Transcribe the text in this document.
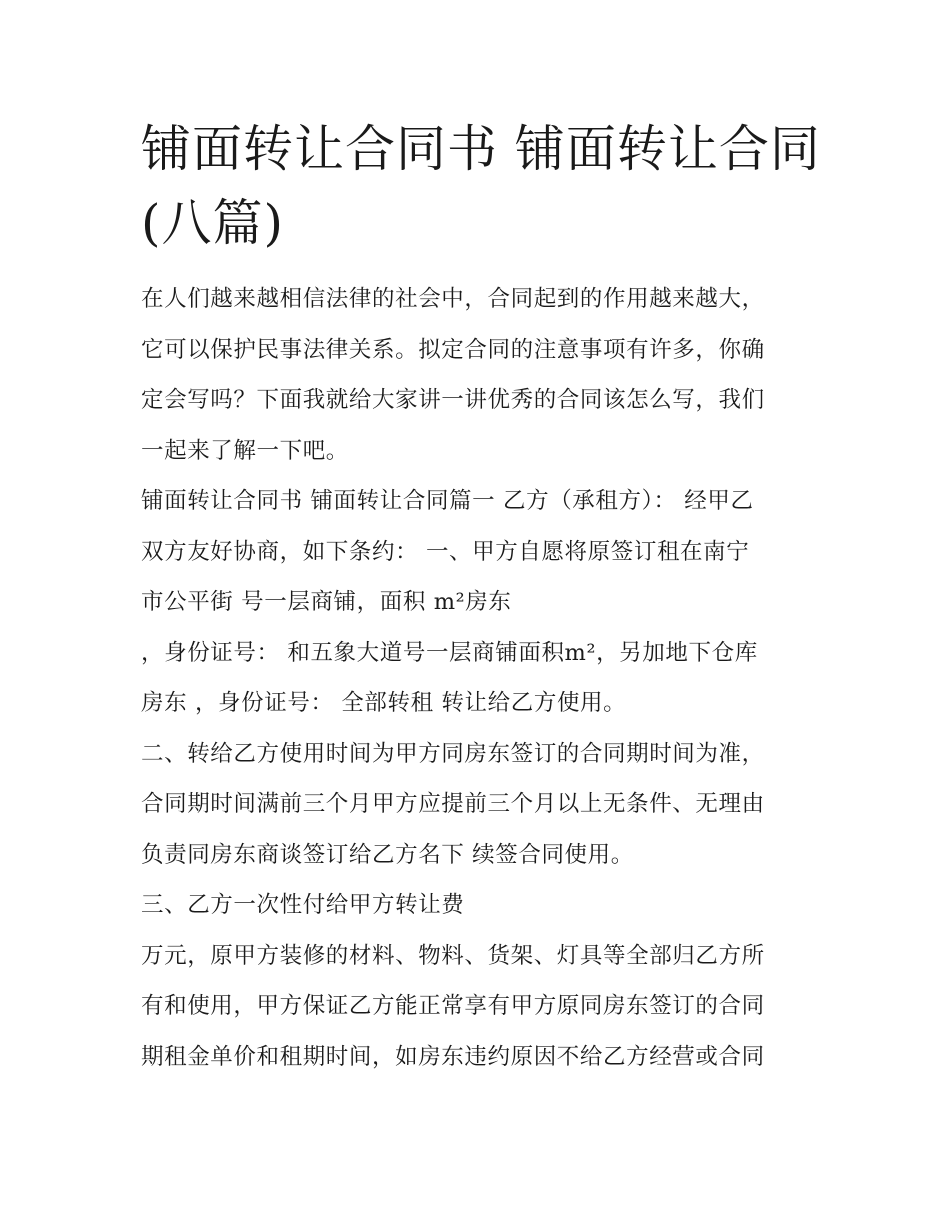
铺面转让合同书 铺面转让合同
(八篇)

在人们越来越相信法律的社会中，合同起到的作用越来越大，
它可以保护民事法律关系。拟定合同的注意事项有许多，你确
定会写吗？下面我就给大家讲一讲优秀的合同该怎么写，我们
一起来了解一下吧。

铺面转让合同书 铺面转让合同篇一 乙方（承租方）： 经甲乙
双方友好协商，如下条约： 一、甲方自愿将原签订租在南宁
市公平街 号一层商铺，面积 m²房东

，身份证号： 和五象大道号一层商铺面积m²，另加地下仓库
房东 ，身份证号： 全部转租 转让给乙方使用。

二、转给乙方使用时间为甲方同房东签订的合同期时间为准，
合同期时间满前三个月甲方应提前三个月以上无条件、无理由
负责同房东商谈签订给乙方名下 续签合同使用。

三、乙方一次性付给甲方转让费

万元，原甲方装修的材料、物料、货架、灯具等全部归乙方所
有和使用，甲方保证乙方能正常享有甲方原同房东签订的合同
期租金单价和租期时间，如房东违约原因不给乙方经营或合同
